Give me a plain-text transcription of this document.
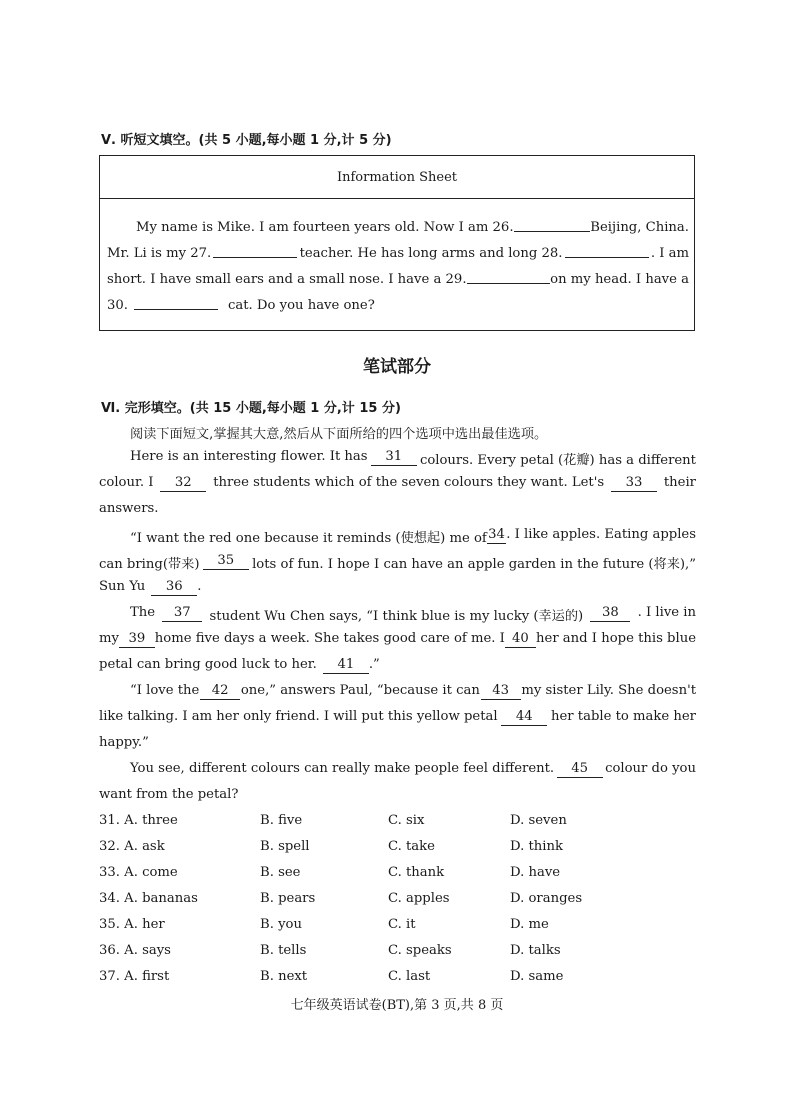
Ⅴ. 听短文填空。(共 5 小题,每小题 1 分,计 5 分)
Information Sheet
My name is Mike. I am fourteen years old. Now I am 26.	Beijing, China.
Mr. Li is my 27.	teacher. He has long arms and long 28.	. I am
short. I have small ears and a small nose. I have a 29.	on my head. I have a
30.	cat. Do you have one?
笔试部分
Ⅵ. 完形填空。(共 15 小题,每小题 1 分,计 15 分)
阅读下面短文,掌握其大意,然后从下面所给的四个选项中选出最佳选项。
Here is an interesting flower. It has	31	colours. Every petal (花瓣) has a different
colour. I	32	three students which of the seven colours they want. Let's	33	their
answers.
“I want the red one because it reminds (使想起) me of 34 . I like apples. Eating apples
can bring(带来)	35	lots of fun. I hope I can have an apple garden in the future (将来),”
Sun Yu	36	.
The	37	student Wu Chen says, “I think blue is my lucky (幸运的)	38	. I live in
my 39 home five days a week. She takes good care of me. I 40 her and I hope this blue
petal can bring good luck to her.	41	.”
“I love the 42 one,” answers Paul, “because it can 43 my sister Lily. She doesn't
like talking. I am her only friend. I will put this yellow petal	44	her table to make her
happy.”
You see, different colours can really make people feel different.	45	colour do you
want from the petal?
31. A. three	B. five	C. six	D. seven
32. A. ask	B. spell	C. take	D. think
33. A. come	B. see	C. thank	D. have
34. A. bananas	B. pears	C. apples	D. oranges
35. A. her	B. you	C. it	D. me
36. A. says	B. tells	C. speaks	D. talks
37. A. first	B. next	C. last	D. same
七年级英语试卷(BT),第 3 页,共 8 页
